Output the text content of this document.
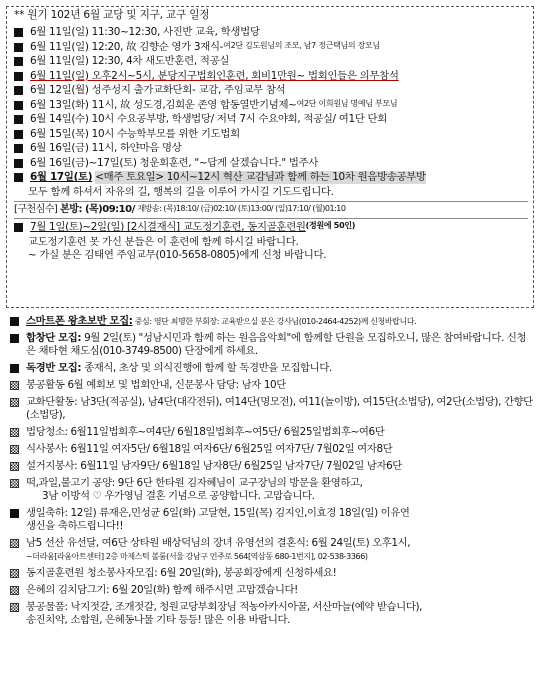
** 원기 102년 6월 교당 및 지구, 교구 일정
6월 11일(일) 11:30~12:30, 사진반 교육, 학생법당
6월 11일(일) 12:20, 故 김향순 영가 3재식- 여2단 김도원님의 조모, 남7 정근택님의 장모님
6월 11일(일) 12:30, 4차 새도반훈련, 적공실
6월 11일(일) 오후2시~5시, 분당지구법회인훈련, 회비1만원~ 법회인들은 의무참석
6월 12일(월) 성주성지 출가교화단회- 교감, 주임교무 참석
6월 13일(화) 11시, 故 성도경,김희운 존영 합동열반기념제~ 여2단 이희원님 명예님 부모님
6월 14일(수) 10시 수요공부방, 학생법당/ 저녁 7시 수요야회, 적공실/ 여1단 단회
6월 15일(목) 10시 수능학부모를 위한 기도법회
6월 16일(금) 11시, 하얀마음 명상
6월 16일(금)~17일(토) 청운회훈련, "~답게 살겠습니다." 법주사
6월 17일(토)
<매주 토요일> 10시~12시 혁산 교감님과 함께 하는 10차 원음방송공부방
모두 함께 하셔서 자유의 길, 행복의 길을 이루어 가시길 기도드립니다.
[구천심수]
본방: (목)09:10/
재방송: (목)18:10/ (금)02:10/ (토)13:00/ (일)17:10/ (월)01:10
7월 1일(토)~2일(일) [2시결재식] 교도정기훈련, 동지골훈련원 (정원에 50인)
교도정기훈련 못 가신 분들은 이 훈련에 함께 하시길 바랍니다.
~ 가실 분은 김태연 주임교무(010-5658-0805)에게 신청 바랍니다.
스마트폰 왕초보반 모집: 중심: 영단 최명한 부회장: 교육받으실 분은 강사님(010-2464-4252)께 신청바랍니다.
합창단 모집: 9월 2일(토) "성남시민과 함께 하는 원음음악회"에 함께할 단원을 모집하오니, 많은 참여바랍니다. 신청은 채타현 채도심(010-3749-8500) 단장에게 하세요.
독경반 모집: 종재식, 초상 및 의식진행에 함께 할 독경반을 모집합니다.
봉공활동 6월 예회보 및 법회안내, 신문봉사 담당: 남자 10단
교화단활동: 남3단(적공실), 남4단(대각전뒤), 여14단(명모전), 여11(놀이방), 여15단(소법당), 여2단(소법당), 간향단(소법당),
법당청소: 6월11일법회후~여4단/ 6월18일법회후~여5단/ 6월25일법회후~여6단
식사봉사: 6월11일 여자5단/ 6월18일 여자6단/ 6월25일 여자7단/ 7월02일 여자8단
설거지봉사: 6월11일 남자9단/ 6월18일 남자8단/ 6월25일 남자7단/ 7월02일 남자6단
떡,과일,불고기 공양: 9단 6단 한타원 김자혜님이 교구장님의 방문을 환영하고,
3남 이방석 ♡ 우가영님 결혼 기념으로 공양합니다. 고맙습니다.
생일축하: 12일) 류재은,민성균 6일(화) 고달현, 15일(목) 김지인,이효경 18일(일) 이유연
생신을 축하드립니다!!
남5 선산 유선달, 여6단 상타원 배상덕님의 장녀 유영선의 결혼식: 6월 24일(토) 오후1시,
~더라움[라움아트센터] 2층 마제스틱 볼룸(서울 강남구 언주로 564[역삼동 680-1번지], 02-538-3366)
동지골훈련원 청소봉사자모집: 6월 20일(화), 봉공회장에게 신청하세요!
은혜의 김치담그기: 6월 20일(화) 함께 해주시면 고맙겠습니다!
봉공물품: 낙지젓갈, 조개젓갈, 청원교당부회장님 적농아카시아꿀, 서산마늘(예약 받습니다),
송진치약, 소합원, 은혜동나물 기타 등등! 많은 이용 바랍니다.
